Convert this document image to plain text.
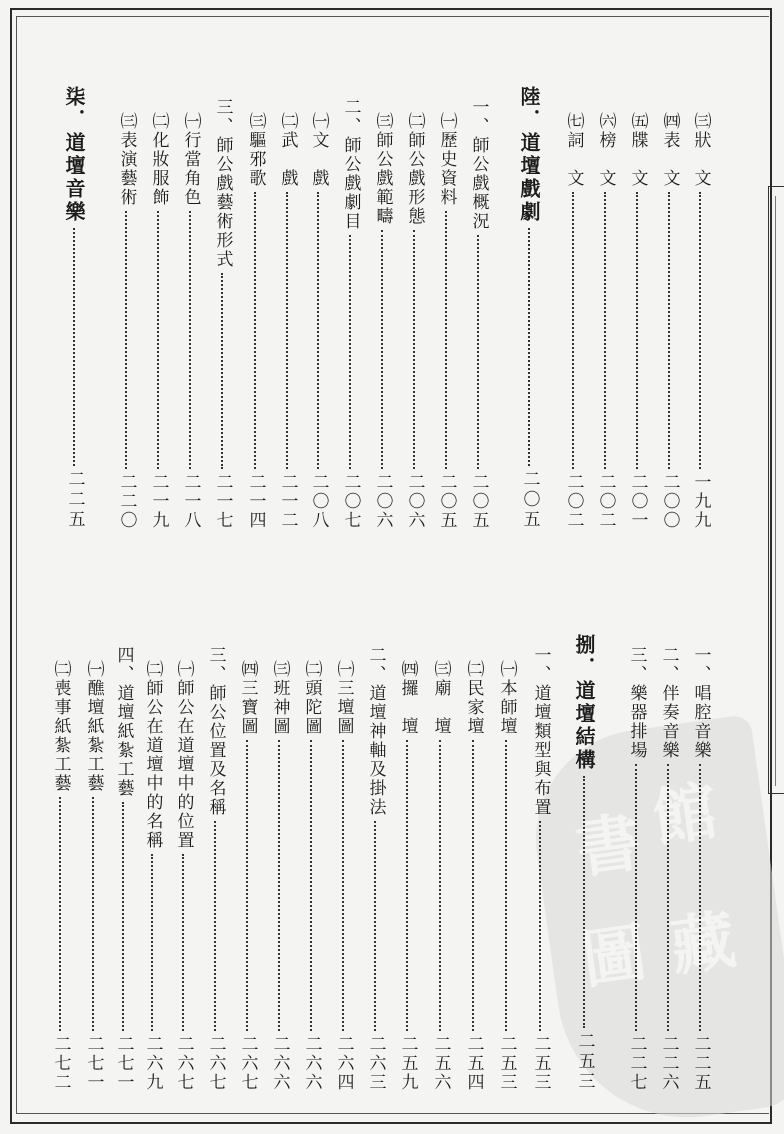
書 館
圖 藏
㈢狀　文
一九九
㈣表　文
二〇〇
㈤牒　文
二〇一
㈥榜　文
二〇二
㈦詞　文
二〇二
陸．道壇戲劇
二〇五
一、師公戲概況
二〇五
㈠歷史資料
二〇五
㈡師公戲形態
二〇六
㈢師公戲範疇
二〇六
二、師公戲劇目
二〇七
㈠文　戲
二〇八
㈡武　戲
二一二
㈢驅邪歌
二一四
三、師公戲藝術形式
二一七
㈠行當角色
二一八
㈡化妝服飾
二一九
㈢表演藝術
二二〇
柒．道壇音樂
二二五
一、唱腔音樂
二二五
二、伴奏音樂
二二六
三、樂器排場
二二七
捌．道壇結構
二五三
一、道壇類型與布置
二五三
㈠本師壇
二五三
㈡民家壇
二五四
㈢廟　壇
二五六
㈣攞　壇
二五九
二、道壇神軸及掛法
二六三
㈠三壇圖
二六四
㈡頭陀圖
二六六
㈢班神圖
二六六
㈣三寶圖
二六七
三、師公位置及名稱
二六七
㈠師公在道壇中的位置
二六七
㈡師公在道壇中的名稱
二六九
四、道壇紙紮工藝
二七一
㈠醮壇紙紮工藝
二七一
㈡喪事紙紮工藝
二七二
